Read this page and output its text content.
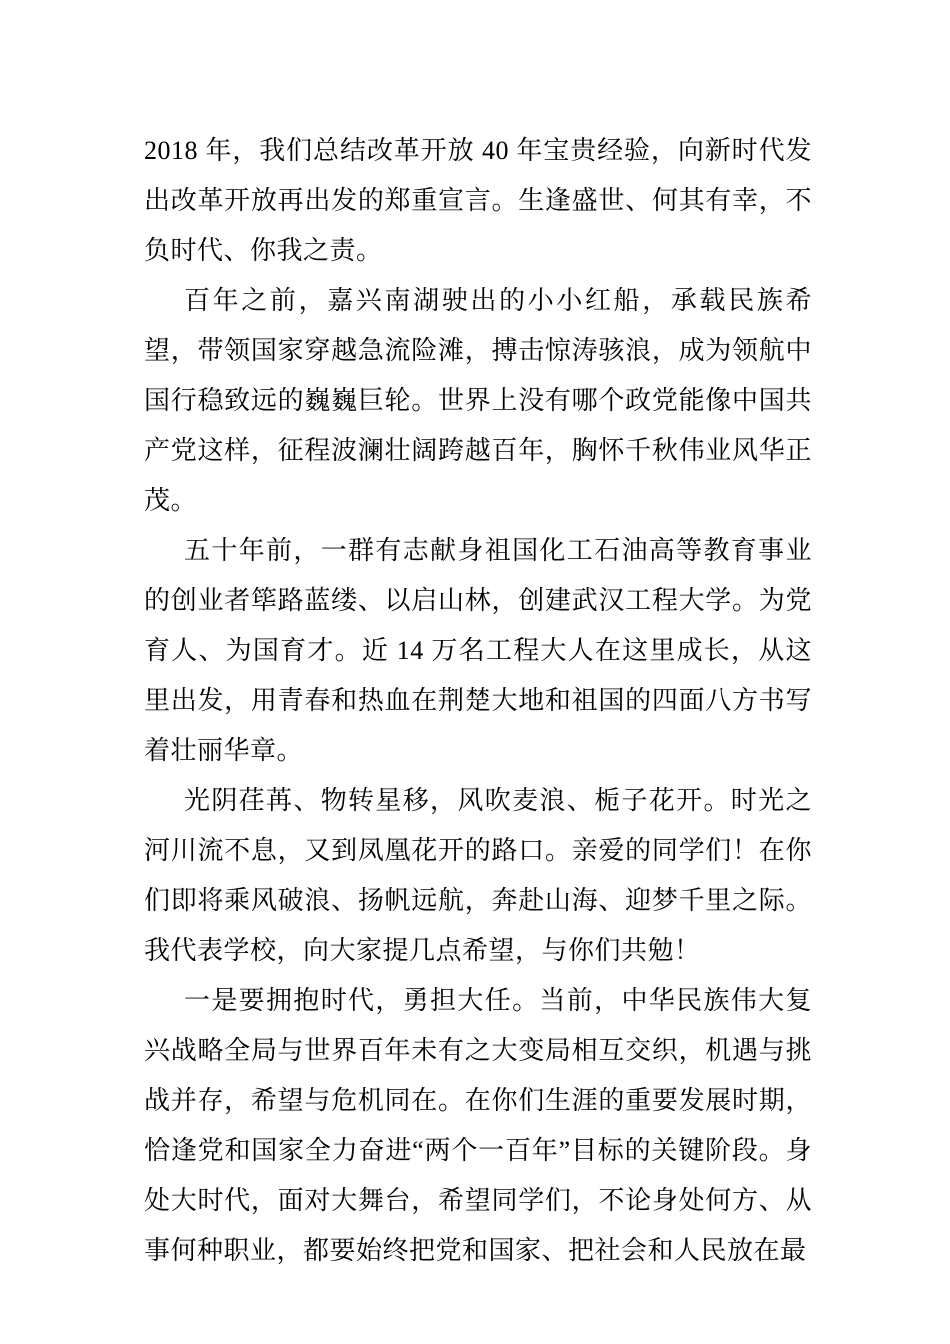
2018 年，我们总结改革开放 40 年宝贵经验，向新时代发出改革开放再出发的郑重宣言。生逢盛世、何其有幸，不负时代、你我之责。

百年之前，嘉兴南湖驶出的小小红船，承载民族希望，带领国家穿越急流险滩，搏击惊涛骇浪，成为领航中国行稳致远的巍巍巨轮。世界上没有哪个政党能像中国共产党这样，征程波澜壮阔跨越百年，胸怀千秋伟业风华正茂。

五十年前，一群有志献身祖国化工石油高等教育事业的创业者筚路蓝缕、以启山林，创建武汉工程大学。为党育人、为国育才。近 14 万名工程大人在这里成长，从这里出发，用青春和热血在荆楚大地和祖国的四面八方书写着壮丽华章。

光阴荏苒、物转星移，风吹麦浪、栀子花开。时光之河川流不息，又到凤凰花开的路口。亲爱的同学们！在你们即将乘风破浪、扬帆远航，奔赴山海、迎梦千里之际。我代表学校，向大家提几点希望，与你们共勉！

一是要拥抱时代，勇担大任。当前，中华民族伟大复兴战略全局与世界百年未有之大变局相互交织，机遇与挑战并存，希望与危机同在。在你们生涯的重要发展时期，恰逢党和国家全力奋进“两个一百年”目标的关键阶段。身处大时代，面对大舞台，希望同学们，不论身处何方、从事何种职业，都要始终把党和国家、把社会和人民放在最
